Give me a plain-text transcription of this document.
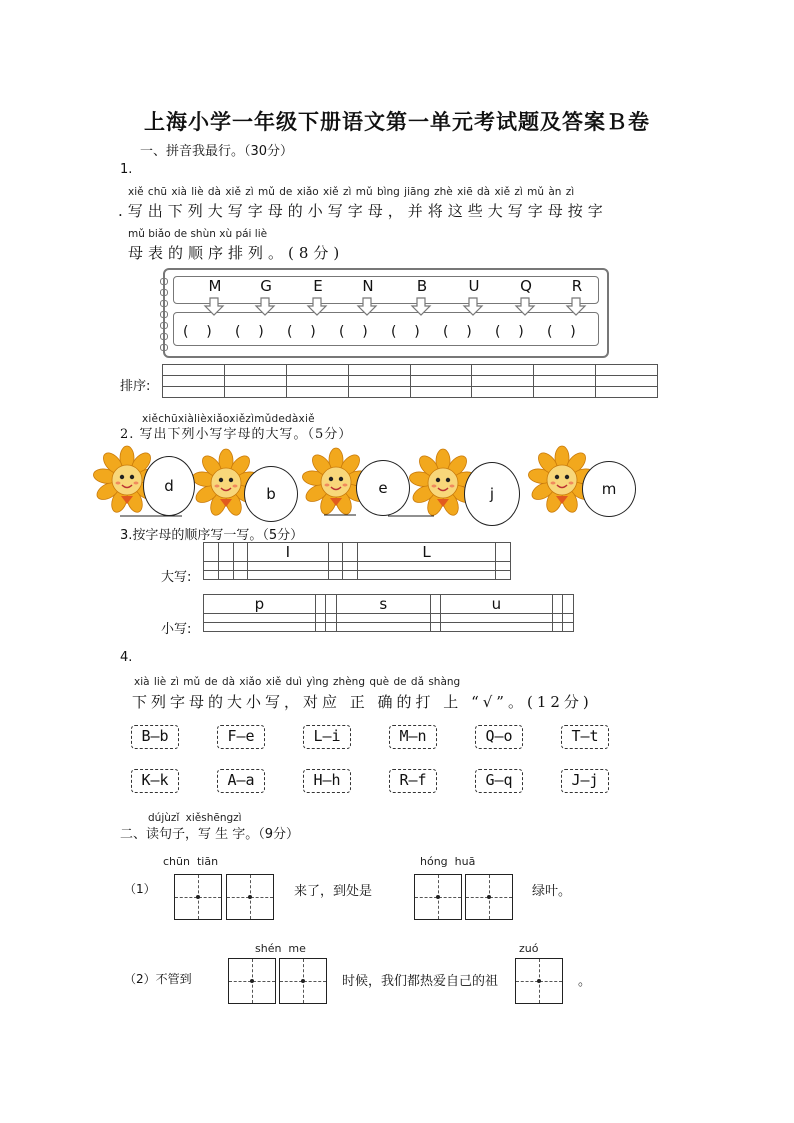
上海小学一年级下册语文第一单元考试题及答案Ｂ卷
一、拼音我最行。（30分）
1.
xiě chū xià liè dà xiě zì mǔ de xiǎo xiě zì mǔ bìng jiāng zhè xiē dà xiě zì mǔ àn zì
.写出下列大写字母的小写字母，并将这些大写字母按字
mǔ biǎo de shùn xù pái liè
母表的顺序排列。(8分)
M	G	E	N	B	U	Q	R
(    ) (    ) (    ) (    ) (    ) (    ) (    ) (    )
排序:

xiěchūxiàlièxiǎoxiězìmǔdedàxiě
2. 写出下列小写字母的大写。（5分）
d	b	e	j	m
3.按字母的顺序写一写。（5分）
大写:
			I			L	

小写:
p			s		u		

4.
xià liè zì mǔ de dà xiǎo xiě duì yìng zhèng què de dǎ shàng
下列字母的大小写，对应 正 确的打 上 “√”。(12分)
B–b	F–e	L–i	M–n	Q–o	T–t
K–k	A–a	H–h	R–f	G–q	J–j
dújùzǐ xiěshēngzì
二、读句子，写 生 字。（9分）
chūn  tiān
（1）	来了，到处是
hóng  huā
绿叶。
shén  me
（2）不管到	时候，我们都热爱自己的祖
zuó
。
